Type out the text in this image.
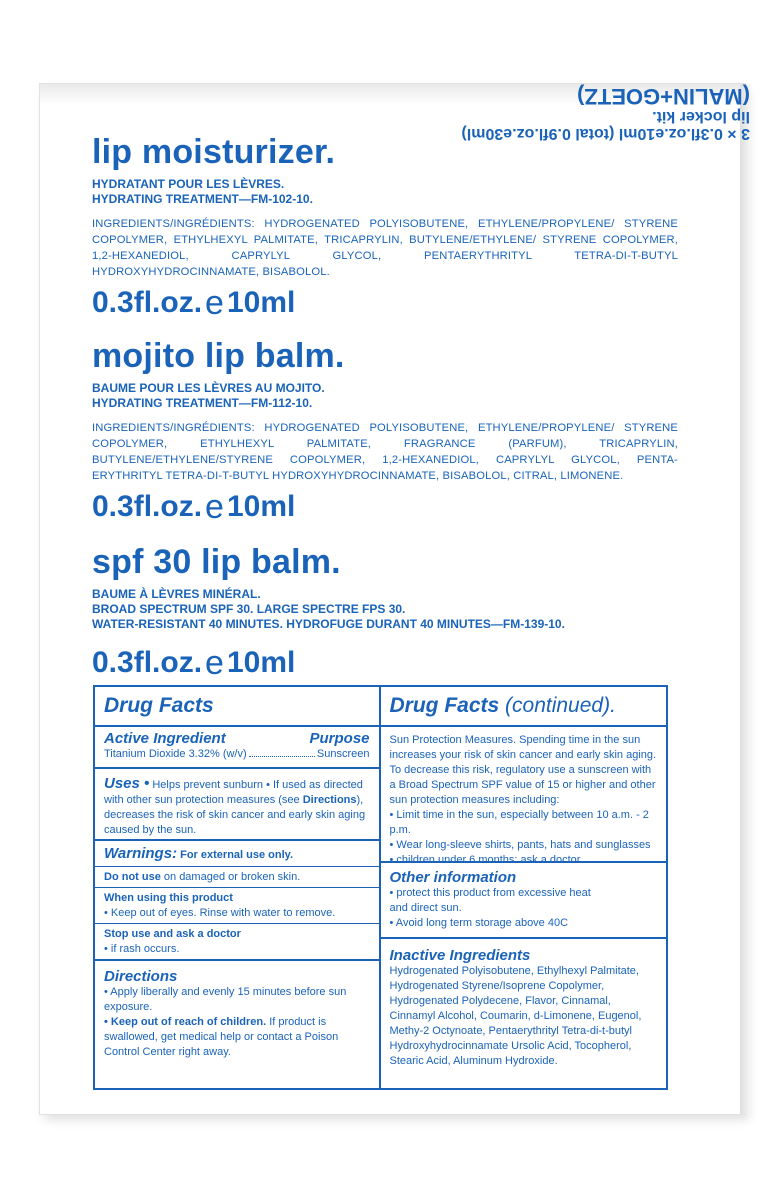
3 × 0.3fl.oz.e10ml (total 0.9fl.oz.e30ml)
lip locker kit.
(MALIN+GOETZ)
lip moisturizer.
HYDRATANT POUR LES LÈVRES.
HYDRATING TREATMENT—FM-102-10.
INGREDIENTS/INGRÉDIENTS: HYDROGENATED POLYISOBUTENE, ETHYLENE/PROPYLENE/ STYRENE COPOLYMER, ETHYLHEXYL PALMITATE, TRICAPRYLIN, BUTYLENE/ETHYLENE/ STYRENE COPOLYMER, 1,2-HEXANEDIOL, CAPRYLYL GLYCOL, PENTAERYTHRITYL TETRA-DI-T-BUTYL HYDROXYHYDROCINNAMATE, BISABOLOL.
0.3fl.oz. e 10ml
mojito lip balm.
BAUME POUR LES LÈVRES AU MOJITO.
HYDRATING TREATMENT—FM-112-10.
INGREDIENTS/INGRÉDIENTS: HYDROGENATED POLYISOBUTENE, ETHYLENE/PROPYLENE/ STYRENE COPOLYMER, ETHYLHEXYL PALMITATE, FRAGRANCE (PARFUM), TRICAPRYLIN, BUTYLENE/ETHYLENE/STYRENE COPOLYMER, 1,2-HEXANEDIOL, CAPRYLYL GLYCOL, PENTA-ERYTHRITYL TETRA-DI-T-BUTYL HYDROXYHYDROCINNAMATE, BISABOLOL, CITRAL, LIMONENE.
0.3fl.oz. e 10ml
spf 30 lip balm.
BAUME À LÈVRES MINÉRAL.
BROAD SPECTRUM SPF 30. LARGE SPECTRE FPS 30.
WATER-RESISTANT 40 MINUTES. HYDROFUGE DURANT 40 MINUTES—FM-139-10.
0.3fl.oz. e 10ml
Drug Facts
Active Ingredient	Purpose
Titanium Dioxide 3.32% (w/v)	Sunscreen
Uses • Helps prevent sunburn • If used as directed with other sun protection measures (see Directions), decreases the risk of skin cancer and early skin aging caused by the sun.
Warnings: For external use only.
Do not use on damaged or broken skin.
When using this product
• Keep out of eyes. Rinse with water to remove.
Stop use and ask a doctor
• if rash occurs.
Directions
• Apply liberally and evenly 15 minutes before sun exposure.
• Keep out of reach of children. If product is swallowed, get medical help or contact a Poison Control Center right away.
Drug Facts (continued).
Sun Protection Measures. Spending time in the sun increases your risk of skin cancer and early skin aging. To decrease this risk, regulatory use a sunscreen with a Broad Spectrum SPF value of 15 or higher and other sun protection measures including:
• Limit time in the sun, especially between 10 a.m. - 2 p.m.
• Wear long-sleeve shirts, pants, hats and sunglasses
• children under 6 months: ask a doctor.
Other information
• protect this product from excessive heat
and direct sun.
• Avoid long term storage above 40C
Inactive Ingredients
Hydrogenated Polyisobutene, Ethylhexyl Palmitate, Hydrogenated Styrene/Isoprene Copolymer, Hydrogenated Polydecene, Flavor, Cinnamal, Cinnamyl Alcohol, Coumarin, d-Limonene, Eugenol, Methy-2 Octynoate, Pentaerythrityl Tetra-di-t-butyl Hydroxyhydrocinnamate Ursolic Acid, Tocopherol, Stearic Acid, Aluminum Hydroxide.
